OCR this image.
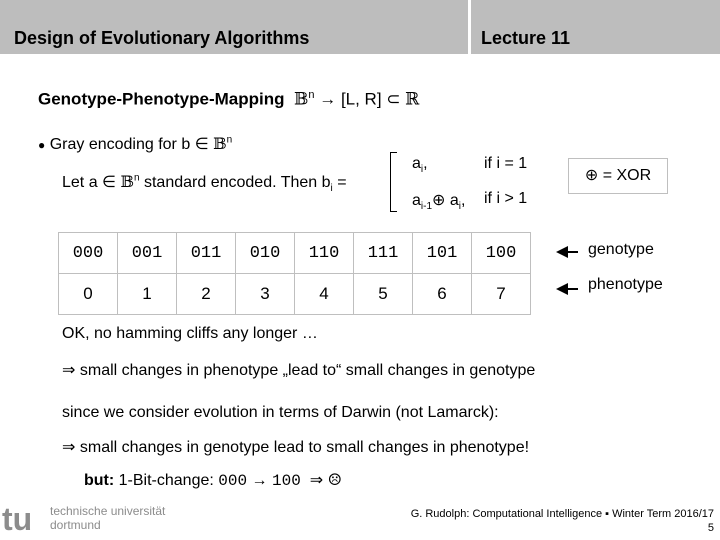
Design of Evolutionary Algorithms	Lecture 11
Genotype-Phenotype-Mapping 𝔹$^n$ → [L, R] ⊂ ℝ
● Gray encoding for b ∈ 𝔹$^n$
Let a ∈ 𝔹$^n$ standard encoded. Then $b_i$ =
$a_i$,	if i = 1
$a_{i-1}\oplus$ $a_i$, if i > 1
⊕ = XOR
000	001	011	010	110	111	101	100
0	1	2	3	4	5	6	7
genotype
phenotype
OK, no hamming cliffs any longer …
⇒ small changes in phenotype „lead to“ small changes in genotype
since we consider evolution in terms of Darwin (not Lamarck):
⇒ small changes in genotype lead to small changes in phenotype!
but: 1-Bit-change: 000 → 100 ⇒ ☹
tu technische universität
dortmund
G. Rudolph: Computational Intelligence ▪ Winter Term 2016/17
5
